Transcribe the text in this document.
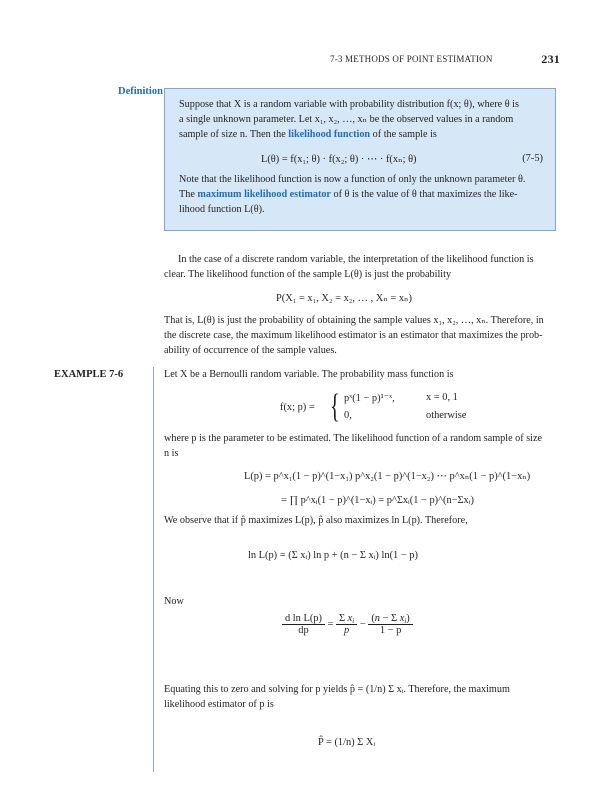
7-3 METHODS OF POINT ESTIMATION	231
Definition
Suppose that X is a random variable with probability distribution f(x; θ), where θ is
a single unknown parameter. Let x₁, x₂, …, xₙ be the observed values in a random
sample of size n. Then the likelihood function of the sample is
L(θ) = f(x₁; θ) · f(x₂; θ) · ⋯ · f(xₙ; θ)	(7-5)
Note that the likelihood function is now a function of only the unknown parameter θ.
The maximum likelihood estimator of θ is the value of θ that maximizes the like-
lihood function L(θ).
In the case of a discrete random variable, the interpretation of the likelihood function is
clear. The likelihood function of the sample L(θ) is just the probability
P(X₁ = x₁, X₂ = x₂, … , Xₙ = xₙ)
That is, L(θ) is just the probability of obtaining the sample values x₁, x₂, …, xₙ. Therefore, in
the discrete case, the maximum likelihood estimator is an estimator that maximizes the prob-
ability of occurrence of the sample values.
EXAMPLE 7-6	Let X be a Bernoulli random variable. The probability mass function is
f(x; p) = { pˣ(1 − p)¹⁻ˣ,	x = 0, 1
0,	otherwise
where p is the parameter to be estimated. The likelihood function of a random sample of size
n is
L(p) = p^x₁(1 − p)^(1−x₁) p^x₂(1 − p)^(1−x₂) ⋯ p^xₙ(1 − p)^(1−xₙ)
= ∏ p^xᵢ(1 − p)^(1−xᵢ) = p^Σxᵢ(1 − p)^(n−Σxᵢ)
We observe that if p̂ maximizes L(p), p̂ also maximizes ln L(p). Therefore,
ln L(p) = (Σ xᵢ) ln p + (n − Σ xᵢ) ln(1 − p)
Now
$\frac{\text{d ln L(p)}}{dp} = \frac{\Sigma x_i}{p} - \frac{(n - \Sigma x_i)}{1 - p}$
Equating this to zero and solving for p yields p̂ = (1/n) Σ xᵢ. Therefore, the maximum
likelihood estimator of p is
P̂ = (1/n) Σ Xᵢ
